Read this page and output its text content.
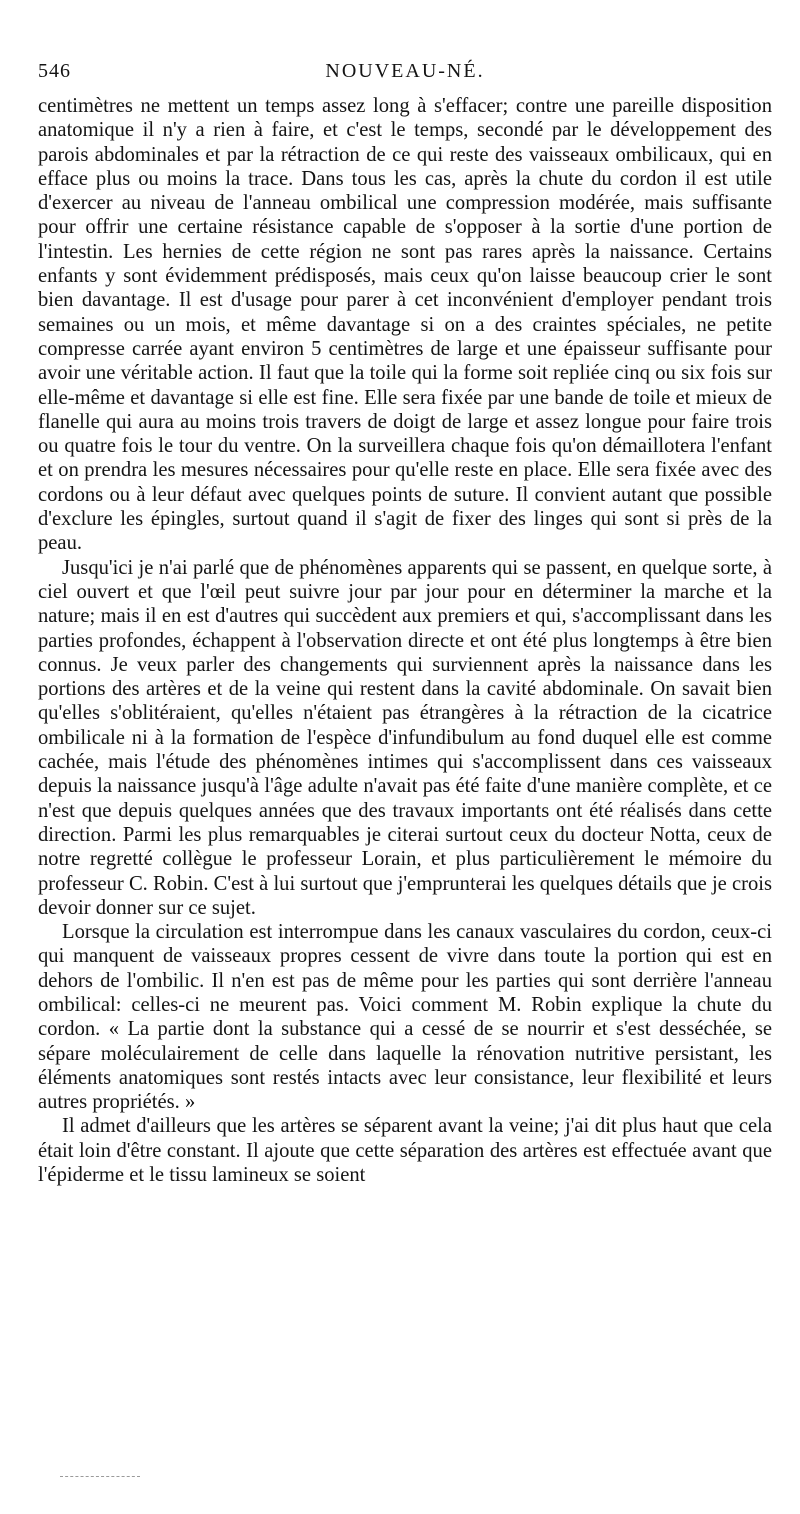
546	NOUVEAU-NÉ.

centimètres ne mettent un temps assez long à s'effacer; contre une pareille disposition anatomique il n'y a rien à faire, et c'est le temps, secondé par le développement des parois abdominales et par la rétraction de ce qui reste des vaisseaux ombilicaux, qui en efface plus ou moins la trace. Dans tous les cas, après la chute du cordon il est utile d'exercer au niveau de l'anneau ombilical une compression modérée, mais suffisante pour offrir une certaine résistance capable de s'opposer à la sortie d'une portion de l'intestin. Les hernies de cette région ne sont pas rares après la naissance. Certains enfants y sont évidemment prédisposés, mais ceux qu'on laisse beaucoup crier le sont bien davantage. Il est d'usage pour parer à cet inconvénient d'employer pendant trois semaines ou un mois, et même davantage si on a des craintes spéciales, ne petite compresse carrée ayant environ 5 centimètres de large et une épaisseur suffisante pour avoir une véritable action. Il faut que la toile qui la forme soit repliée cinq ou six fois sur elle-même et davantage si elle est fine. Elle sera fixée par une bande de toile et mieux de flanelle qui aura au moins trois travers de doigt de large et assez longue pour faire trois ou quatre fois le tour du ventre. On la surveillera chaque fois qu'on démaillotera l'enfant et on prendra les mesures nécessaires pour qu'elle reste en place. Elle sera fixée avec des cordons ou à leur défaut avec quelques points de suture. Il convient autant que possible d'exclure les épingles, surtout quand il s'agit de fixer des linges qui sont si près de la peau.

Jusqu'ici je n'ai parlé que de phénomènes apparents qui se passent, en quelque sorte, à ciel ouvert et que l'œil peut suivre jour par jour pour en déterminer la marche et la nature; mais il en est d'autres qui succèdent aux premiers et qui, s'accomplissant dans les parties profondes, échappent à l'observation directe et ont été plus longtemps à être bien connus. Je veux parler des changements qui surviennent après la naissance dans les portions des artères et de la veine qui restent dans la cavité abdominale. On savait bien qu'elles s'oblitéraient, qu'elles n'étaient pas étrangères à la rétraction de la cicatrice ombilicale ni à la formation de l'espèce d'infundibulum au fond duquel elle est comme cachée, mais l'étude des phénomènes intimes qui s'accomplissent dans ces vaisseaux depuis la naissance jusqu'à l'âge adulte n'avait pas été faite d'une manière complète, et ce n'est que depuis quelques années que des travaux importants ont été réalisés dans cette direction. Parmi les plus remarquables je citerai surtout ceux du docteur Notta, ceux de notre regretté collègue le professeur Lorain, et plus particulièrement le mémoire du professeur C. Robin. C'est à lui surtout que j'emprunterai les quelques détails que je crois devoir donner sur ce sujet.

Lorsque la circulation est interrompue dans les canaux vasculaires du cordon, ceux-ci qui manquent de vaisseaux propres cessent de vivre dans toute la portion qui est en dehors de l'ombilic. Il n'en est pas de même pour les parties qui sont derrière l'anneau ombilical: celles-ci ne meurent pas. Voici comment M. Robin explique la chute du cordon. « La partie dont la substance qui a cessé de se nourrir et s'est desséchée, se sépare moléculairement de celle dans laquelle la rénovation nutritive persistant, les éléments anatomiques sont restés intacts avec leur consistance, leur flexibilité et leurs autres propriétés. »

Il admet d'ailleurs que les artères se séparent avant la veine; j'ai dit plus haut que cela était loin d'être constant. Il ajoute que cette séparation des artères est effectuée avant que l'épiderme et le tissu lamineux se soient
